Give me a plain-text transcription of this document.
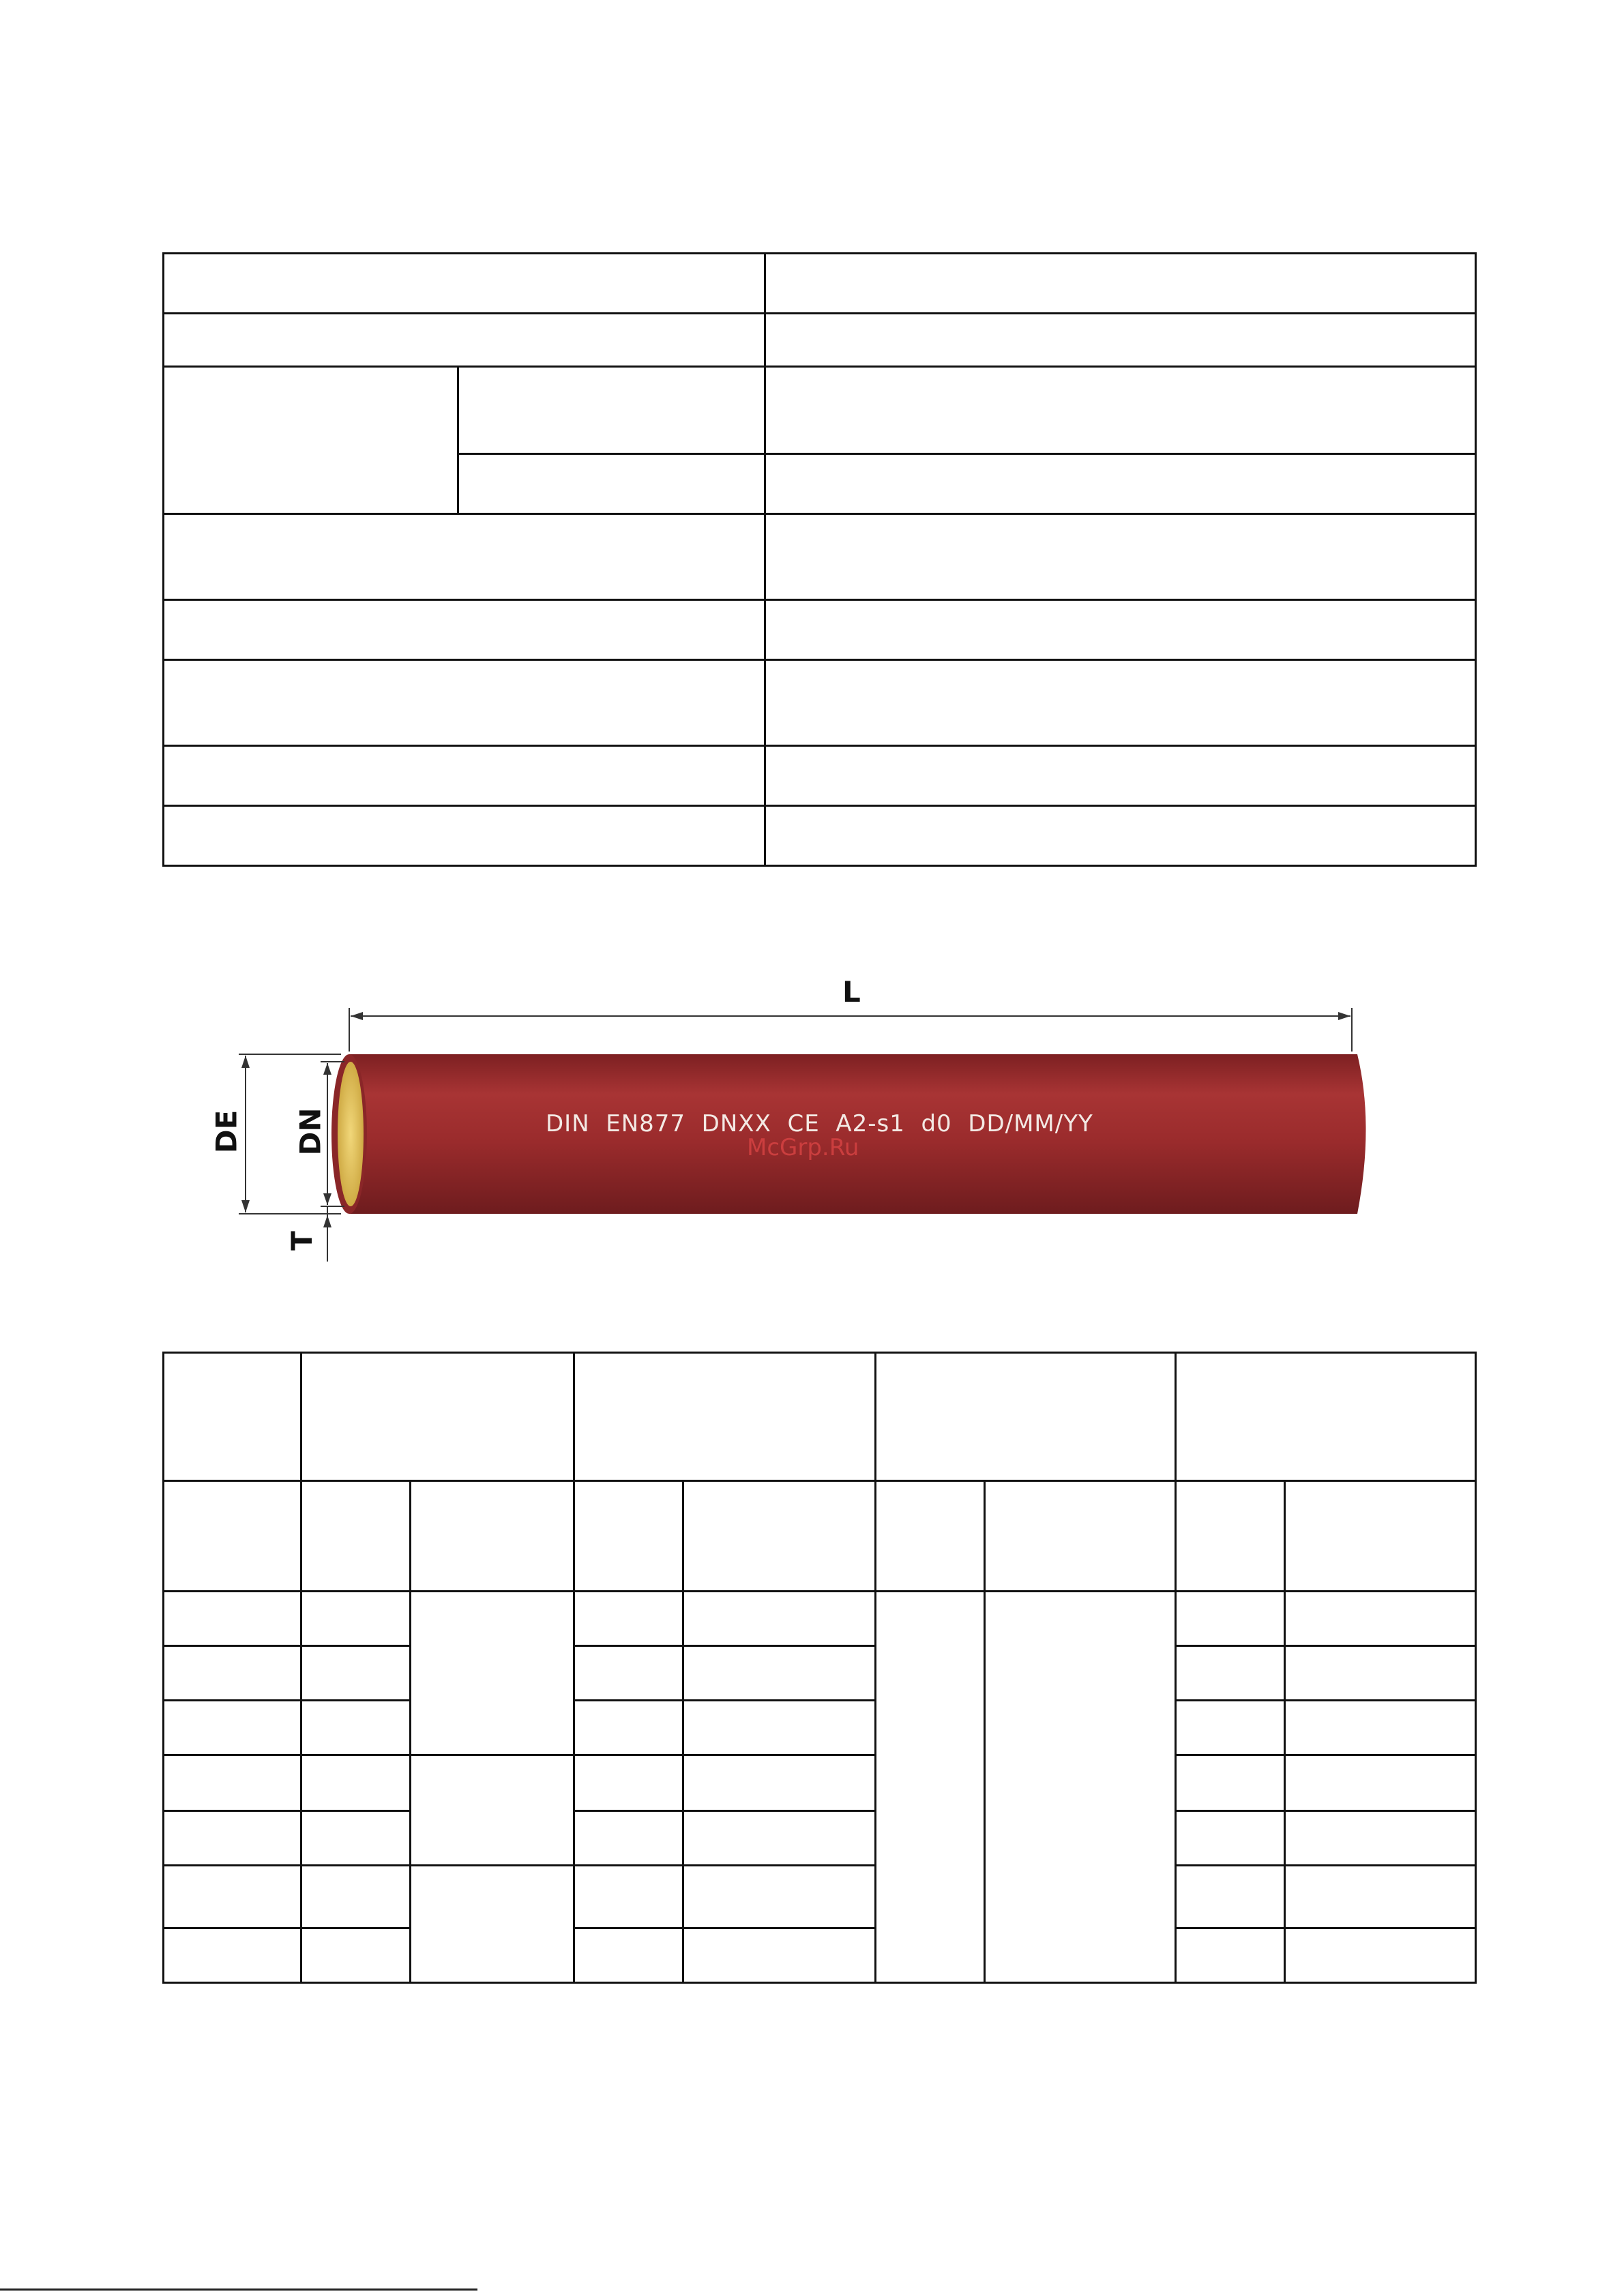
DIN  EN877  DNXX  CE  A2-s1  d0  DD/MM/YY
McGrp.Ru
L
DE DN
T
